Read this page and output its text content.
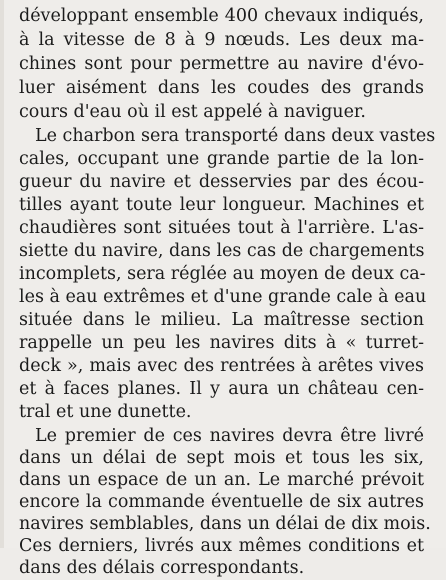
développant ensemble 400 chevaux indiqués,
à la vitesse de 8 à 9 nœuds. Les deux ma-
chines sont pour permettre au navire d'évo-
luer aisément dans les coudes des grands
cours d'eau où il est appelé à naviguer.
Le charbon sera transporté dans deux vastes
cales, occupant une grande partie de la lon-
gueur du navire et desservies par des écou-
tilles ayant toute leur longueur. Machines et
chaudières sont situées tout à l'arrière. L'as-
siette du navire, dans les cas de chargements
incomplets, sera réglée au moyen de deux ca-
les à eau extrêmes et d'une grande cale à eau
située dans le milieu. La maîtresse section
rappelle un peu les navires dits à « turret-
deck », mais avec des rentrées à arêtes vives
et à faces planes. Il y aura un château cen-
tral et une dunette.
Le premier de ces navires devra être livré
dans un délai de sept mois et tous les six,
dans un espace de un an. Le marché prévoit
encore la commande éventuelle de six autres
navires semblables, dans un délai de dix mois.
Ces derniers, livrés aux mêmes conditions et
dans des délais correspondants.
